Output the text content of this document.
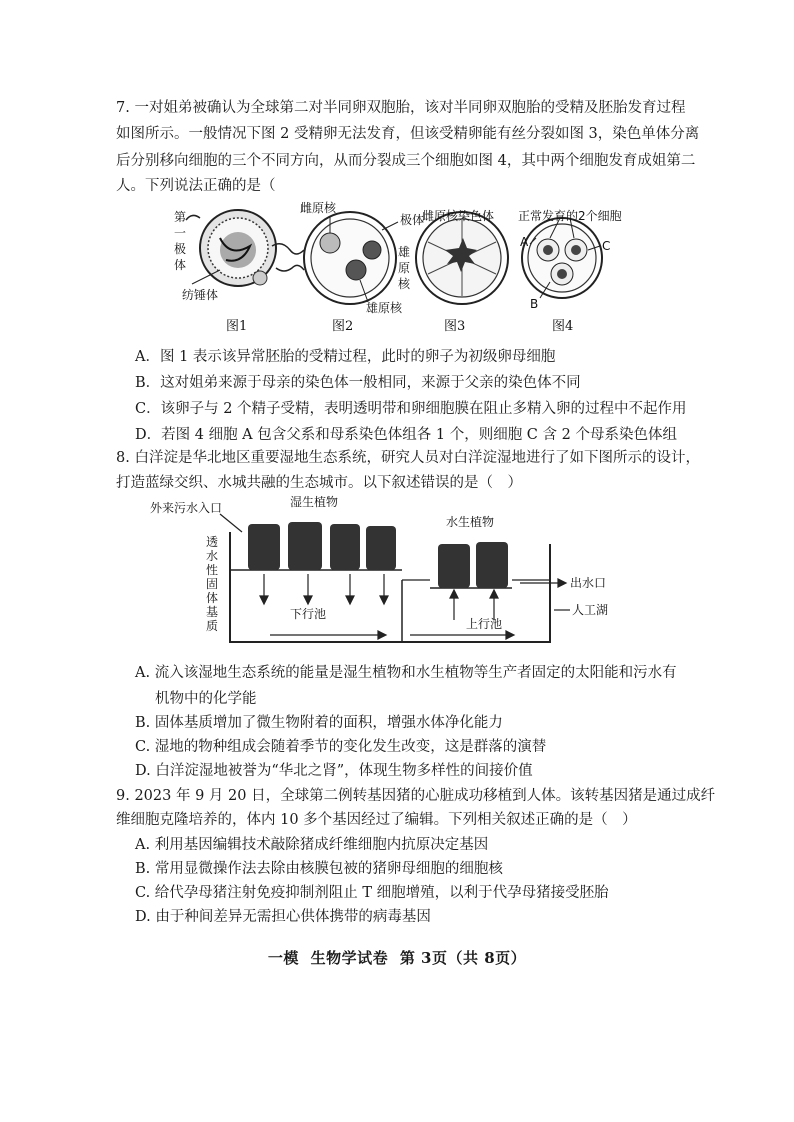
7. 一对姐弟被确认为全球第二对半同卵双胞胎，该对半同卵双胞胎的受精及胚胎发育过程
如图所示。一般情况下图 2 受精卵无法发育，但该受精卵能有丝分裂如图 3，染色单体分离
后分别移向细胞的三个不同方向，从而分裂成三个细胞如图 4，其中两个细胞发育成姐第二
人。下列说法正确的是（
第
一
极
体
纺锤体
雌原核
极体
雄
原
核
雄原核
雌原核染色体 正常发育的2个细胞
A	C
B
图1	图2	图3	图4
A．图 1 表示该异常胚胎的受精过程，此时的卵子为初级卵母细胞
B．这对姐弟来源于母亲的染色体一般相同，来源于父亲的染色体不同
C．该卵子与 2 个精子受精，表明透明带和卵细胞膜在阻止多精入卵的过程中不起作用
D．若图 4 细胞 A 包含父系和母系染色体组各 1 个，则细胞 C 含 2 个母系染色体组
8. 白洋淀是华北地区重要湿地生态系统，研究人员对白洋淀湿地进行了如下图所示的设计，
打造蓝绿交织、水城共融的生态城市。以下叙述错误的是（　）
外来污水入口	湿生植物
水生植物
透
水
性
固
体
基
质
下行池
上行池
出水口
人工湖
A. 流入该湿地生态系统的能量是湿生植物和水生植物等生产者固定的太阳能和污水有
机物中的化学能
B. 固体基质增加了微生物附着的面积，增强水体净化能力
C. 湿地的物种组成会随着季节的变化发生改变，这是群落的演替
D. 白洋淀湿地被誉为“华北之肾”，体现生物多样性的间接价值
9. 2023 年 9 月 20 日，全球第二例转基因猪的心脏成功移植到人体。该转基因猪是通过成纤
维细胞克隆培养的，体内 10 多个基因经过了编辑。下列相关叙述正确的是（　）
A. 利用基因编辑技术敲除猪成纤维细胞内抗原决定基因
B. 常用显微操作法去除由核膜包被的猪卵母细胞的细胞核
C. 给代孕母猪注射免疫抑制剂阻止 T 细胞增殖，以利于代孕母猪接受胚胎
D. 由于种间差异无需担心供体携带的病毒基因
一模 生物学试卷 第 3页（共 8页）
